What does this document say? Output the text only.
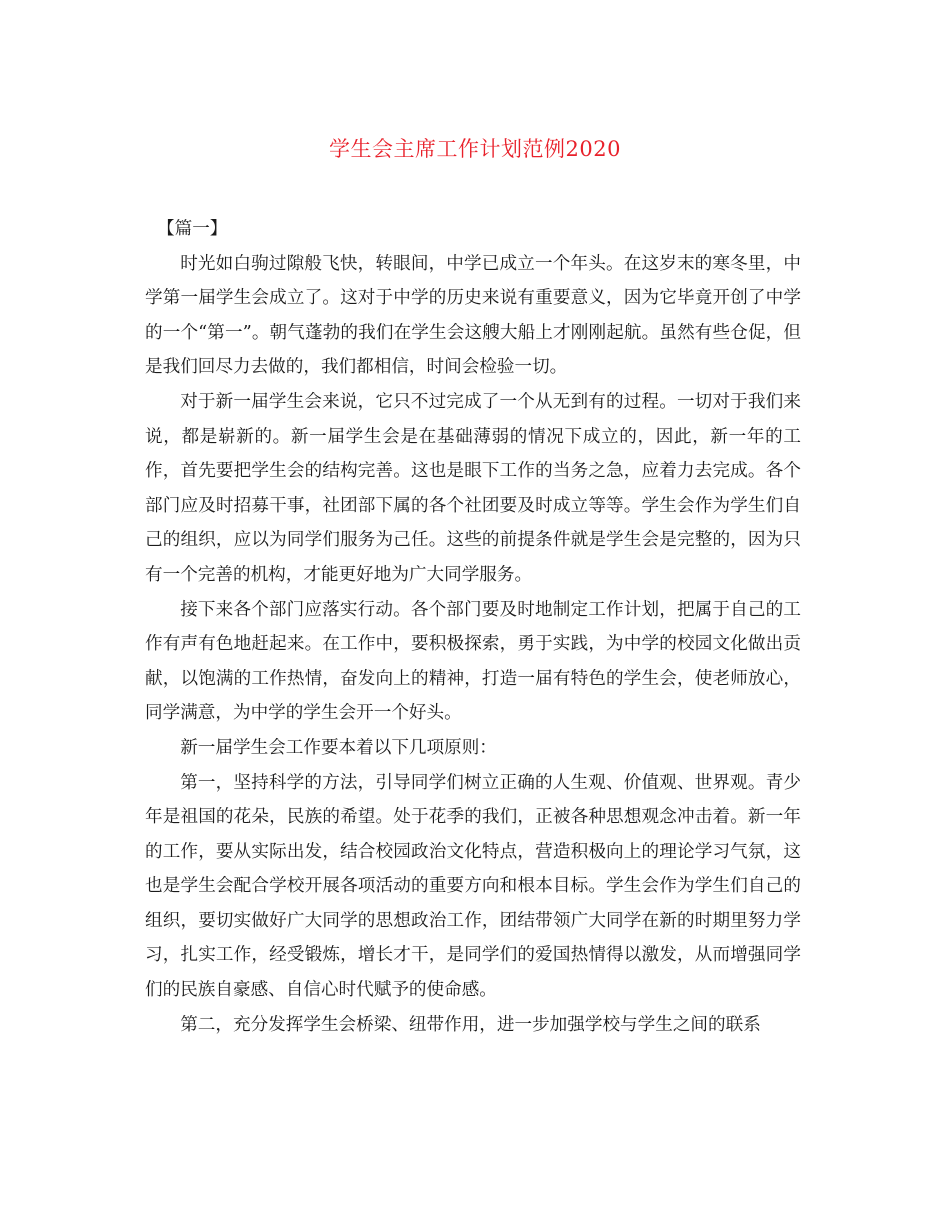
学生会主席工作计划范例2020

【篇一】

时光如白驹过隙般飞快，转眼间，中学已成立一个年头。在这岁末的寒冬里，中学第一届学生会成立了。这对于中学的历史来说有重要意义，因为它毕竟开创了中学的一个“第一”。朝气蓬勃的我们在学生会这艘大船上才刚刚起航。虽然有些仓促，但是我们回尽力去做的，我们都相信，时间会检验一切。

对于新一届学生会来说，它只不过完成了一个从无到有的过程。一切对于我们来说，都是崭新的。新一届学生会是在基础薄弱的情况下成立的，因此，新一年的工作，首先要把学生会的结构完善。这也是眼下工作的当务之急，应着力去完成。各个部门应及时招募干事，社团部下属的各个社团要及时成立等等。学生会作为学生们自己的组织，应以为同学们服务为己任。这些的前提条件就是学生会是完整的，因为只有一个完善的机构，才能更好地为广大同学服务。

接下来各个部门应落实行动。各个部门要及时地制定工作计划，把属于自己的工作有声有色地赶起来。在工作中，要积极探索，勇于实践，为中学的校园文化做出贡献，以饱满的工作热情，奋发向上的精神，打造一届有特色的学生会，使老师放心，同学满意，为中学的学生会开一个好头。

新一届学生会工作要本着以下几项原则：

第一，坚持科学的方法，引导同学们树立正确的人生观、价值观、世界观。青少年是祖国的花朵，民族的希望。处于花季的我们，正被各种思想观念冲击着。新一年的工作，要从实际出发，结合校园政治文化特点，营造积极向上的理论学习气氛，这也是学生会配合学校开展各项活动的重要方向和根本目标。学生会作为学生们自己的组织，要切实做好广大同学的思想政治工作，团结带领广大同学在新的时期里努力学习，扎实工作，经受锻炼，增长才干，是同学们的爱国热情得以激发，从而增强同学们的民族自豪感、自信心时代赋予的使命感。

第二，充分发挥学生会桥梁、纽带作用，进一步加强学校与学生之间的联系
